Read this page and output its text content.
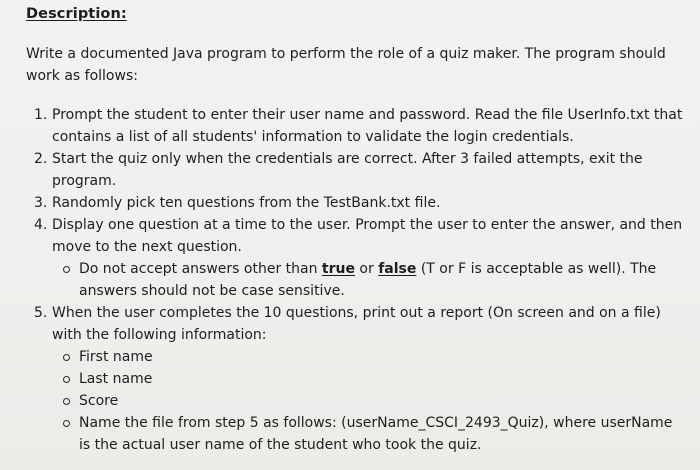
Description:
Write a documented Java program to perform the role of a quiz maker. The program should work as follows:
1. Prompt the student to enter their user name and password. Read the file UserInfo.txt that contains a list of all students' information to validate the login credentials.
2. Start the quiz only when the credentials are correct. After 3 failed attempts, exit the program.
3. Randomly pick ten questions from the TestBank.txt file.
4. Display one question at a time to the user. Prompt the user to enter the answer, and then move to the next question.
Do not accept answers other than true or false (T or F is acceptable as well). The answers should not be case sensitive.
5. When the user completes the 10 questions, print out a report (On screen and on a file) with the following information:
First name
Last name
Score
Name the file from step 5 as follows: (userName_CSCI_2493_Quiz), where userName is the actual user name of the student who took the quiz.
